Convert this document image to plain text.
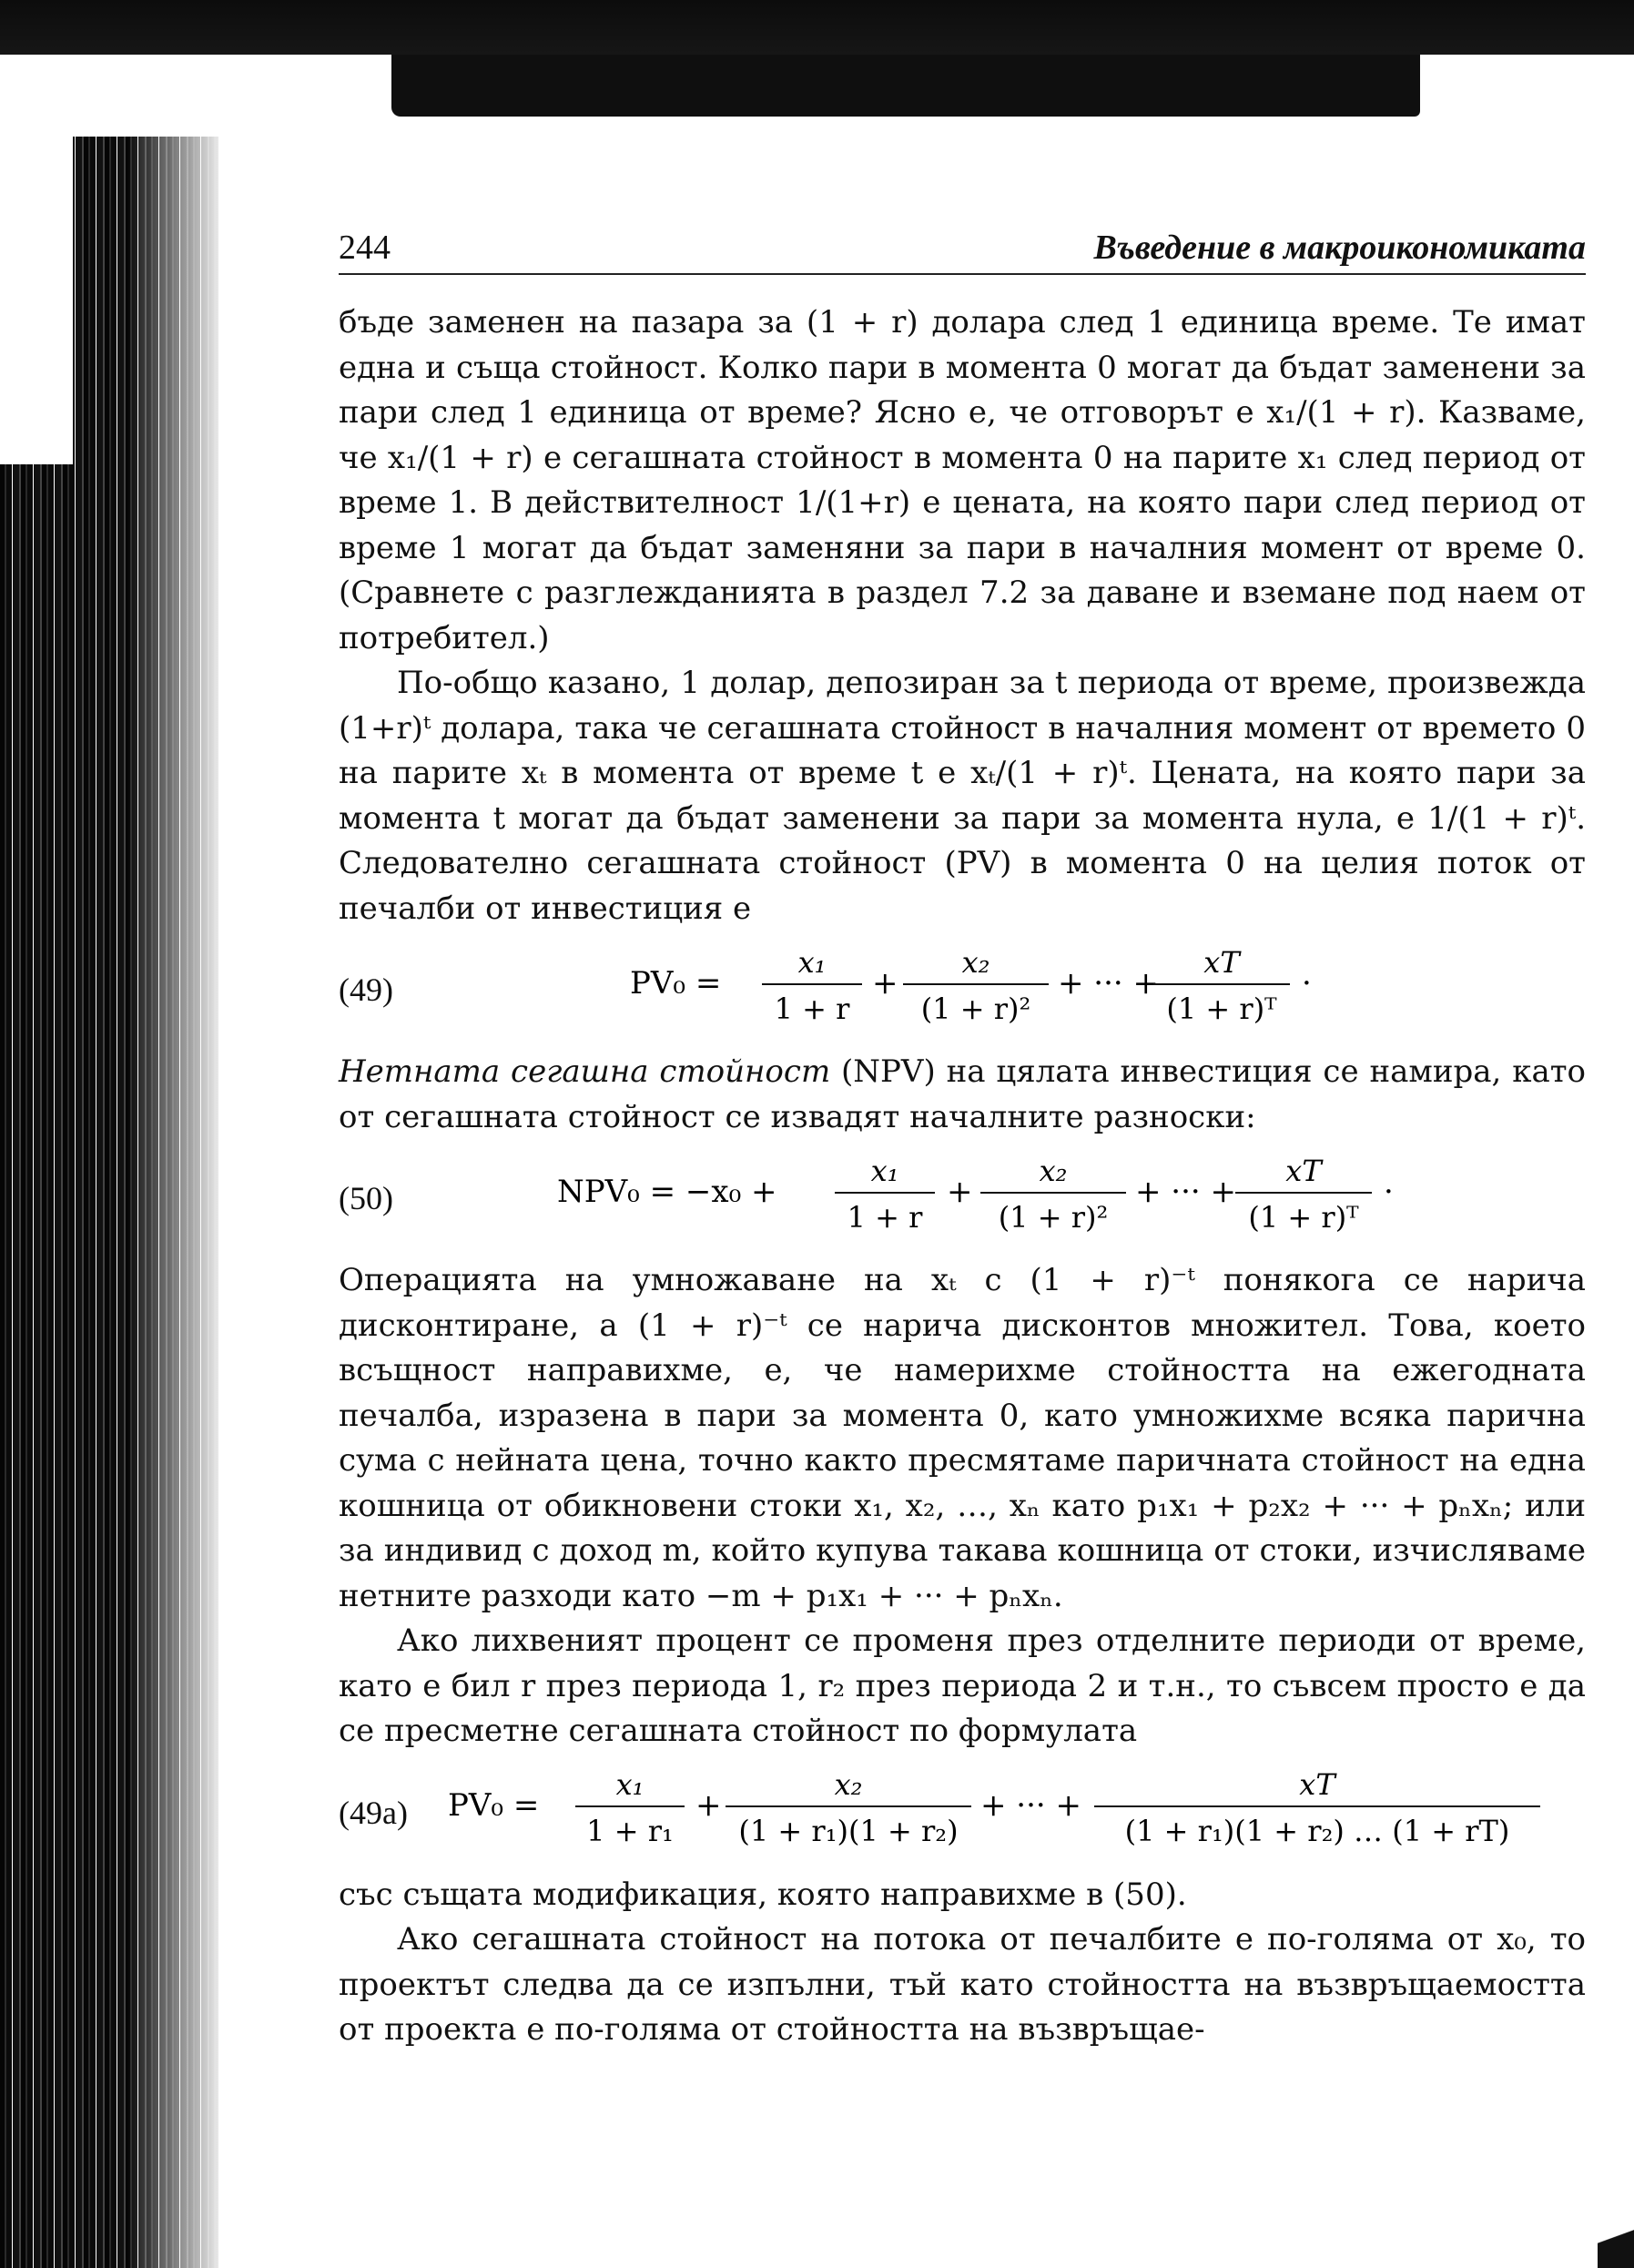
244	Въведение в макроикономиката

бъде заменен на пазара за (1 + r) долара след 1 единица време. Те имат една и съща стойност. Колко пари в момента 0 могат да бъдат заменени за пари след 1 единица от време? Ясно е, че отговорът е x₁/(1 + r). Казваме, че x₁/(1 + r) е сегашната стойност в момента 0 на парите x₁ след период от време 1. В действителност 1/(1+r) е цената, на която пари след период от време 1 могат да бъдат заменяни за пари в началния момент от време 0. (Сравнете с разглежданията в раздел 7.2 за даване и вземане под наем от потребител.)

По-общо казано, 1 долар, депозиран за t периода от време, произвежда (1+r)ᵗ долара, така че сегашната стойност в началния момент от времето 0 на парите xₜ в момента от време t е xₜ/(1 + r)ᵗ. Цената, на която пари за момента t могат да бъдат заменени за пари за момента нула, е 1/(1 + r)ᵗ. Следователно сегашната стойност (PV) в момента 0 на целия поток от печалби от инвестиция е

(49)	PV₀ =
x₁
1 + r
+
x₂
(1 + r)²
+ ··· +
xT
(1 + r)ᵀ
·

Нетната сегашна стойност (NPV) на цялата инвестиция се намира, като от сегашната стойност се извадят началните разноски:

(50)	NPV₀ = −x₀ +
x₁
1 + r
+
x₂
(1 + r)²
+ ··· +
xT
(1 + r)ᵀ
·

Операцията на умножаване на xₜ с (1 + r)⁻ᵗ понякога се нарича дисконтиране, а (1 + r)⁻ᵗ се нарича дисконтов множител. Това, което всъщност направихме, е, че намерихме стойността на ежегодната печалба, изразена в пари за момента 0, като умножихме всяка парична сума с нейната цена, точно както пресмятаме паричната стойност на една кошница от обикновени стоки x₁, x₂, …, xₙ като p₁x₁ + p₂x₂ + ··· + pₙxₙ; или за индивид с доход m, който купува такава кошница от стоки, изчисляваме нетните разходи като −m + p₁x₁ + ··· + pₙxₙ.

Ако лихвеният процент се променя през отделните периоди от време, като е бил r през периода 1, r₂ през периода 2 и т.н., то съвсем просто е да се пресметне сегашната стойност по формулата

(49a)	PV₀ =
x₁
1 + r₁
+
x₂
(1 + r₁)(1 + r₂)
+ ··· +
xT
(1 + r₁)(1 + r₂) … (1 + rT)

със същата модификация, която направихме в (50).

Ако сегашната стойност на потока от печалбите е по-голяма от x₀, то проектът следва да се изпълни, тъй като стойността на възвръщаемостта от проекта е по-голяма от стойността на възвръщае-
